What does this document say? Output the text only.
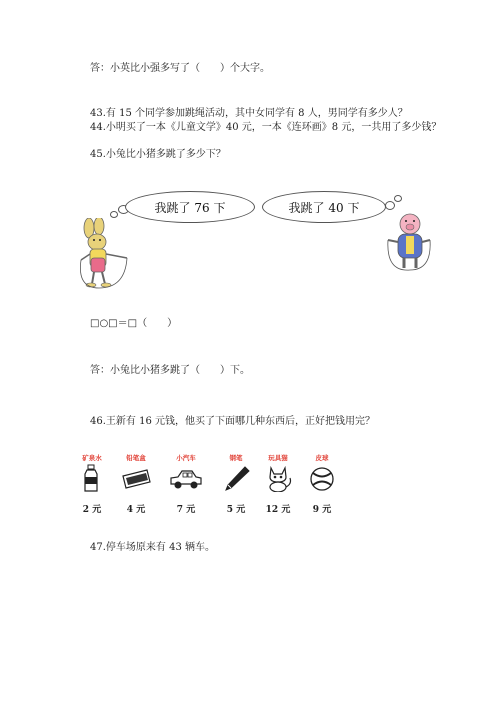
答：小英比小强多写了（　　）个大字。
43.有 15 个同学参加跳绳活动，其中女同学有 8 人，男同学有多少人？
44.小明买了一本《儿童文学》40 元，一本《连环画》8 元，一共用了多少钱？
45.小兔比小猪多跳了多少下？
我跳了 76 下	我跳了 40 下
□○□＝□（　　）
答：小兔比小猪多跳了（　　）下。
46.王新有 16 元钱，他买了下面哪几种东西后，正好把钱用完？
矿泉水
2 元
铅笔盒
4 元
小汽车
7 元
钢笔
5 元
玩具猫
12 元
皮球
9 元
47.停车场原来有 43 辆车。
